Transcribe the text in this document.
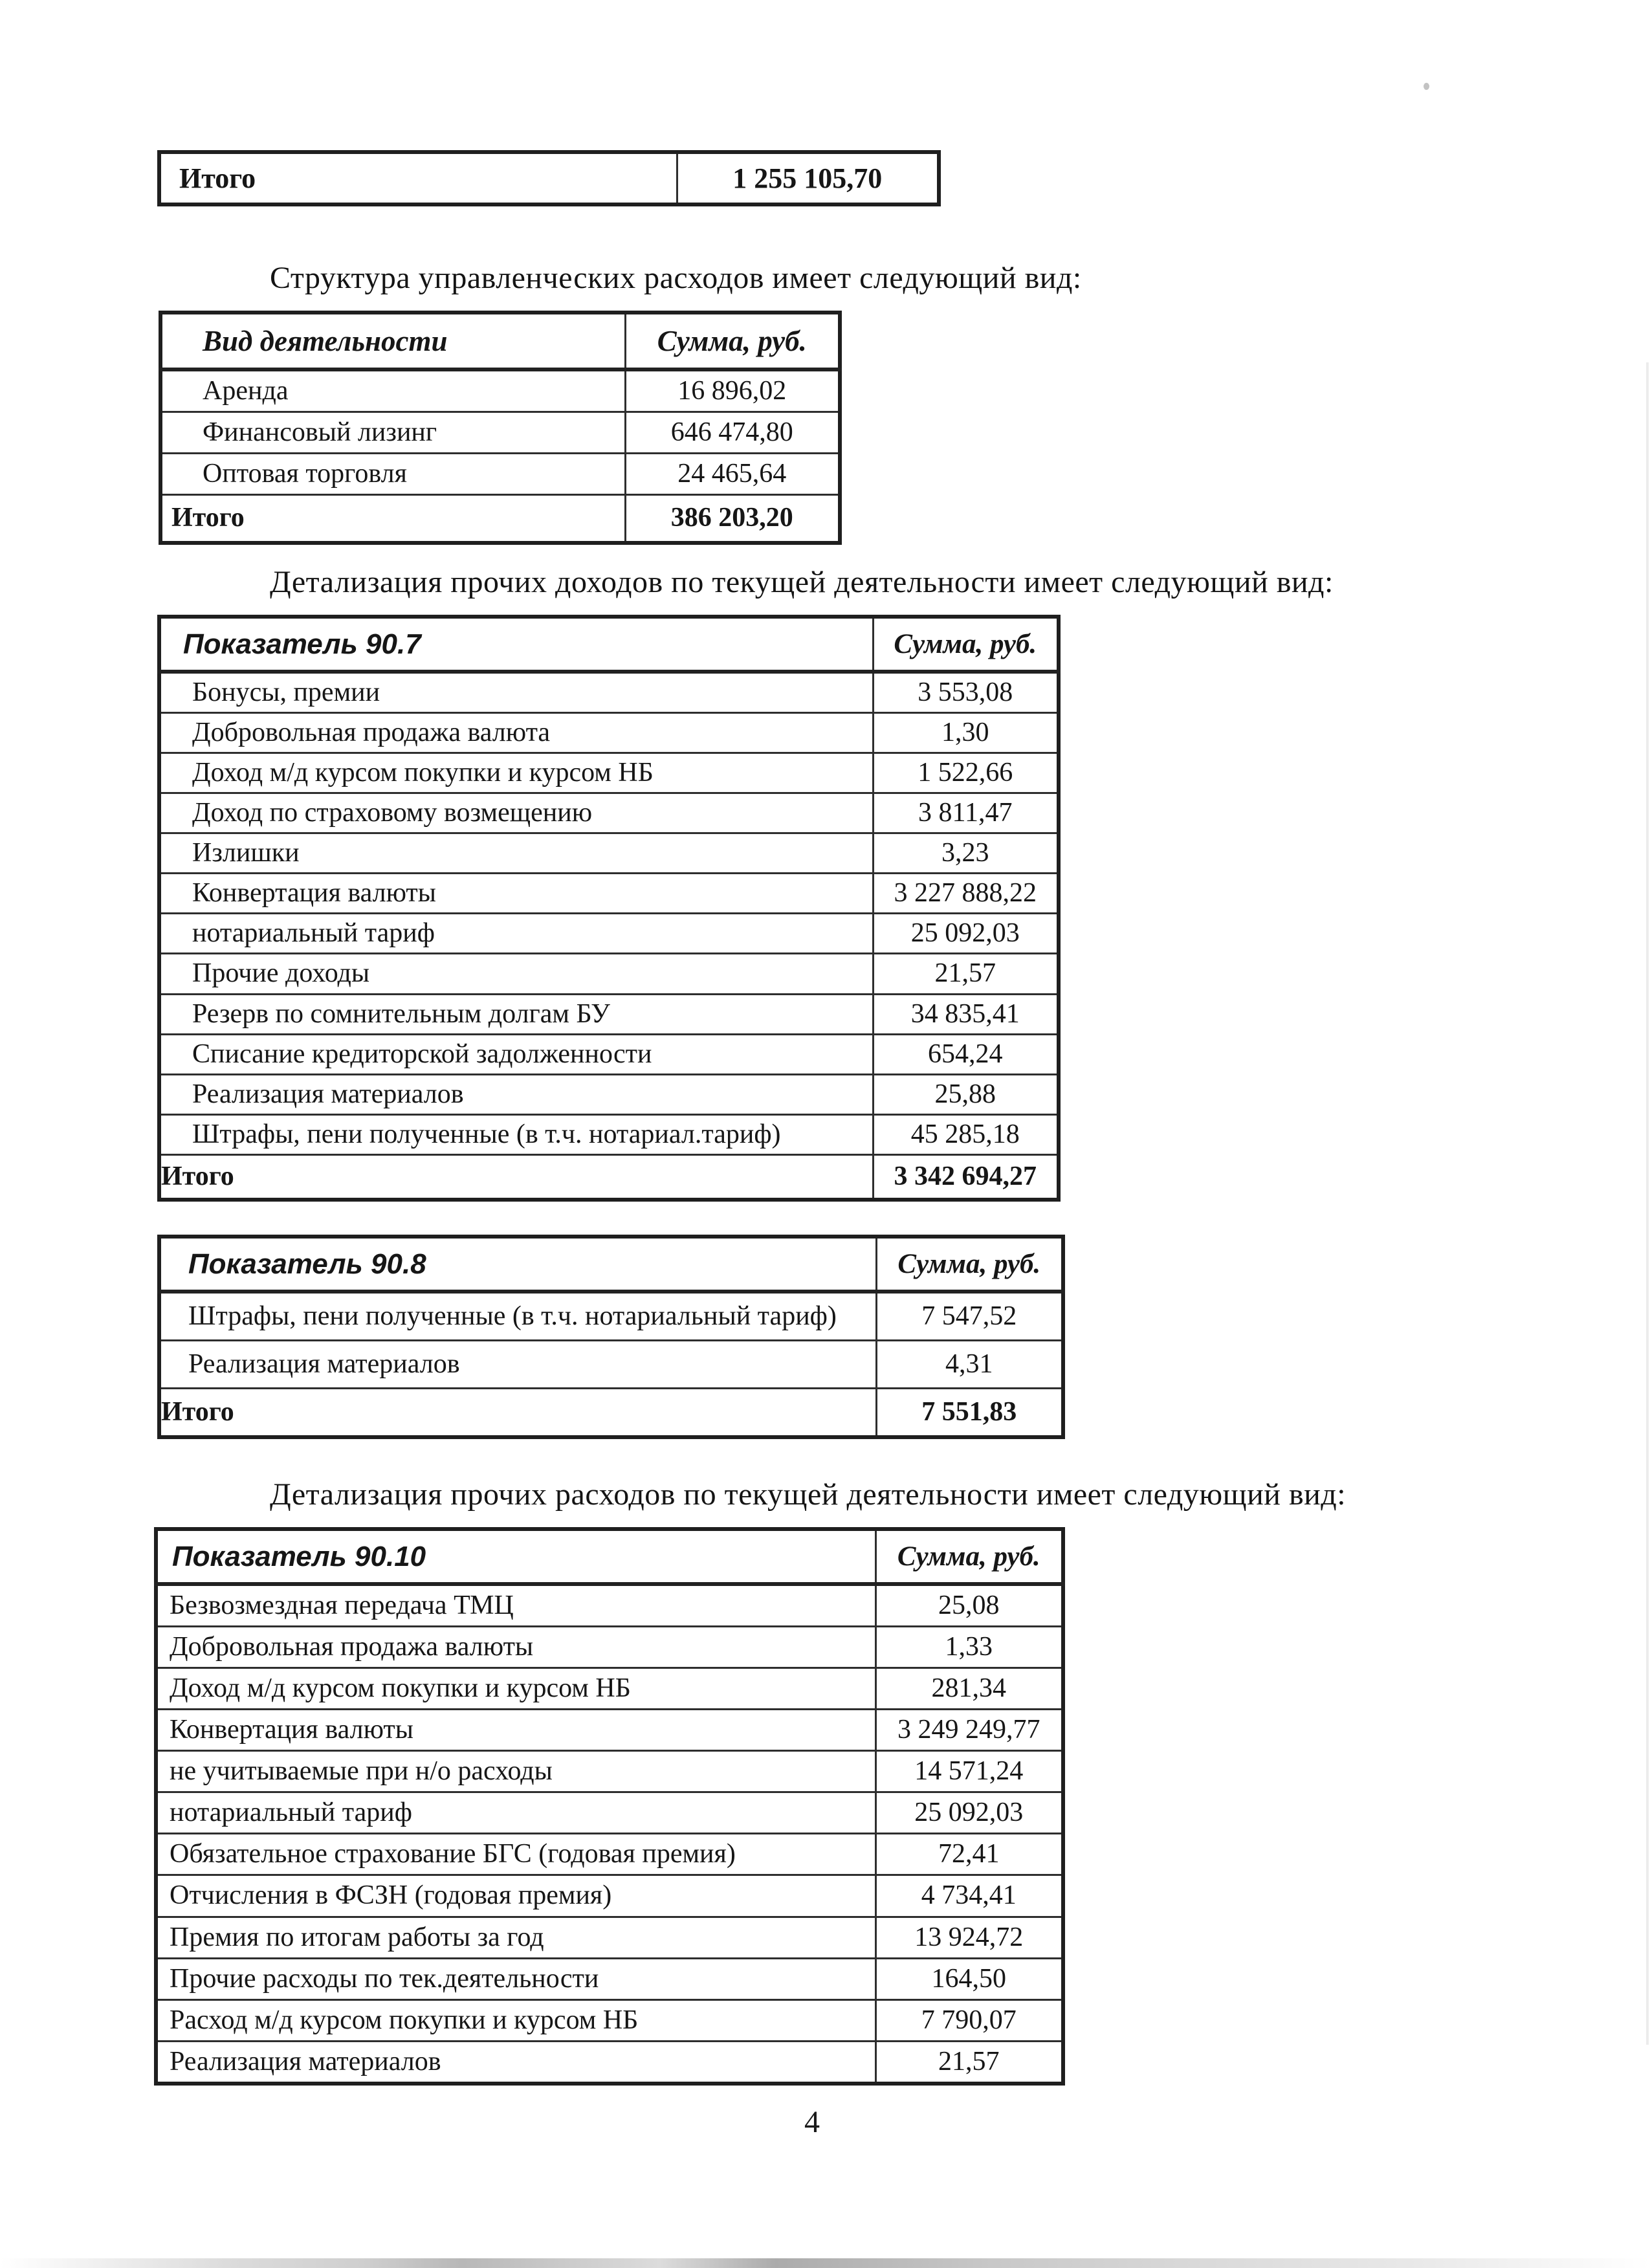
Итого	1 255 105,70

Структура управленческих расходов имеет следующий вид:

Вид деятельности	Сумма, руб.
Аренда	16 896,02
Финансовый лизинг	646 474,80
Оптовая торговля	24 465,64
Итого	386 203,20

Детализация прочих доходов по текущей деятельности имеет следующий вид:

Показатель 90.7	Сумма, руб.
Бонусы, премии	3 553,08
Добровольная продажа валюта	1,30
Доход м/д курсом покупки и курсом НБ	1 522,66
Доход по страховому возмещению	3 811,47
Излишки	3,23
Конвертация валюты	3 227 888,22
нотариальный тариф	25 092,03
Прочие доходы	21,57
Резерв по сомнительным долгам БУ	34 835,41
Списание кредиторской задолженности	654,24
Реализация материалов	25,88
Штрафы, пени полученные (в т.ч. нотариал.тариф)	45 285,18
Итого	3 342 694,27
Показатель 90.8	Сумма, руб.
Штрафы, пени полученные (в т.ч. нотариальный тариф)	7 547,52
Реализация материалов	4,31
Итого	7 551,83

Детализация прочих расходов по текущей деятельности имеет следующий вид:

Показатель 90.10	Сумма, руб.
Безвозмездная передача ТМЦ	25,08
Добровольная продажа валюты	1,33
Доход м/д курсом покупки и курсом НБ	281,34
Конвертация валюты	3 249 249,77
не учитываемые при н/о расходы	14 571,24
нотариальный тариф	25 092,03
Обязательное страхование БГС (годовая премия)	72,41
Отчисления в ФСЗН (годовая премия)	4 734,41
Премия по итогам работы за год	13 924,72
Прочие расходы по тек.деятельности	164,50
Расход м/д курсом покупки и курсом НБ	7 790,07
Реализация материалов	21,57

4
